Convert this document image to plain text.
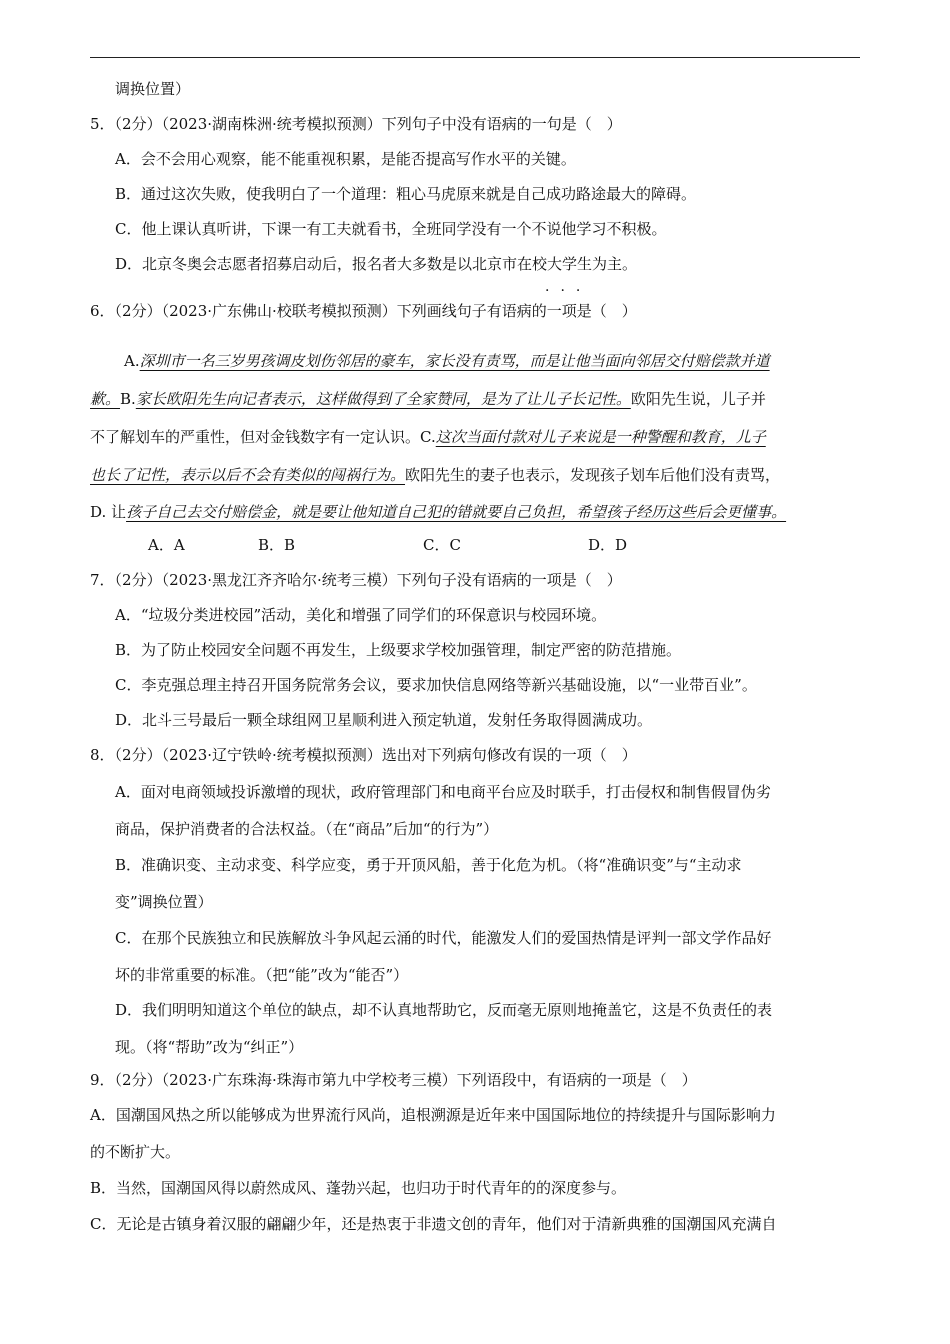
调换位置）
5．（2分）（2023·湖南株洲·统考模拟预测）下列句子中没有语病的一句是（　）
A．会不会用心观察，能不能重视积累，是能否提高写作水平的关键。
B．通过这次失败，使我明白了一个道理：粗心马虎原来就是自己成功路途最大的障碍。
C．他上课认真听讲，下课一有工夫就看书，全班同学没有一个不说他学习不积极。
D．北京冬奥会志愿者招募启动后，报名者大多数是以北京市在校大学生为主。
···
6．（2分）（2023·广东佛山·校联考模拟预测）下列画线句子有语病的一项是（　）
A.深圳市一名三岁男孩调皮划伤邻居的豪车，家长没有责骂，而是让他当面向邻居交付赔偿款并道
歉。B.家长欧阳先生向记者表示，这样做得到了全家赞同，是为了让儿子长记性。欧阳先生说，儿子并
不了解划车的严重性，但对金钱数字有一定认识。C.这次当面付款对儿子来说是一种警醒和教育，儿子
也长了记性，表示以后不会有类似的闯祸行为。欧阳先生的妻子也表示，发现孩子划车后他们没有责骂，
D. 让孩子自己去交付赔偿金，就是要让他知道自己犯的错就要自己负担，希望孩子经历这些后会更懂事。
A．A	B．B	C．C	D．D
7．（2分）（2023·黑龙江齐齐哈尔·统考三模）下列句子没有语病的一项是（　）
A．“垃圾分类进校园”活动，美化和增强了同学们的环保意识与校园环境。
B．为了防止校园安全问题不再发生，上级要求学校加强管理，制定严密的防范措施。
C．李克强总理主持召开国务院常务会议，要求加快信息网络等新兴基础设施，以“一业带百业”。
D．北斗三号最后一颗全球组网卫星顺利进入预定轨道，发射任务取得圆满成功。
8．（2分）（2023·辽宁铁岭·统考模拟预测）选出对下列病句修改有误的一项（　）
A．面对电商领域投诉激增的现状，政府管理部门和电商平台应及时联手，打击侵权和制售假冒伪劣
商品，保护消费者的合法权益。（在“商品”后加“的行为”）
B．准确识变、主动求变、科学应变，勇于开顶风船，善于化危为机。（将“准确识变”与“主动求
变”调换位置）
C．在那个民族独立和民族解放斗争风起云涌的时代，能激发人们的爱国热情是评判一部文学作品好
坏的非常重要的标准。（把“能”改为“能否”）
D．我们明明知道这个单位的缺点，却不认真地帮助它，反而毫无原则地掩盖它，这是不负责任的表
现。（将“帮助”改为“纠正”）
9．（2分）（2023·广东珠海·珠海市第九中学校考三模）下列语段中，有语病的一项是（　）
A．国潮国风热之所以能够成为世界流行风尚，追根溯源是近年来中国国际地位的持续提升与国际影响力
的不断扩大。
B．当然，国潮国风得以蔚然成风、蓬勃兴起，也归功于时代青年的的深度参与。
C．无论是古镇身着汉服的翩翩少年，还是热衷于非遗文创的青年，他们对于清新典雅的国潮国风充满自
